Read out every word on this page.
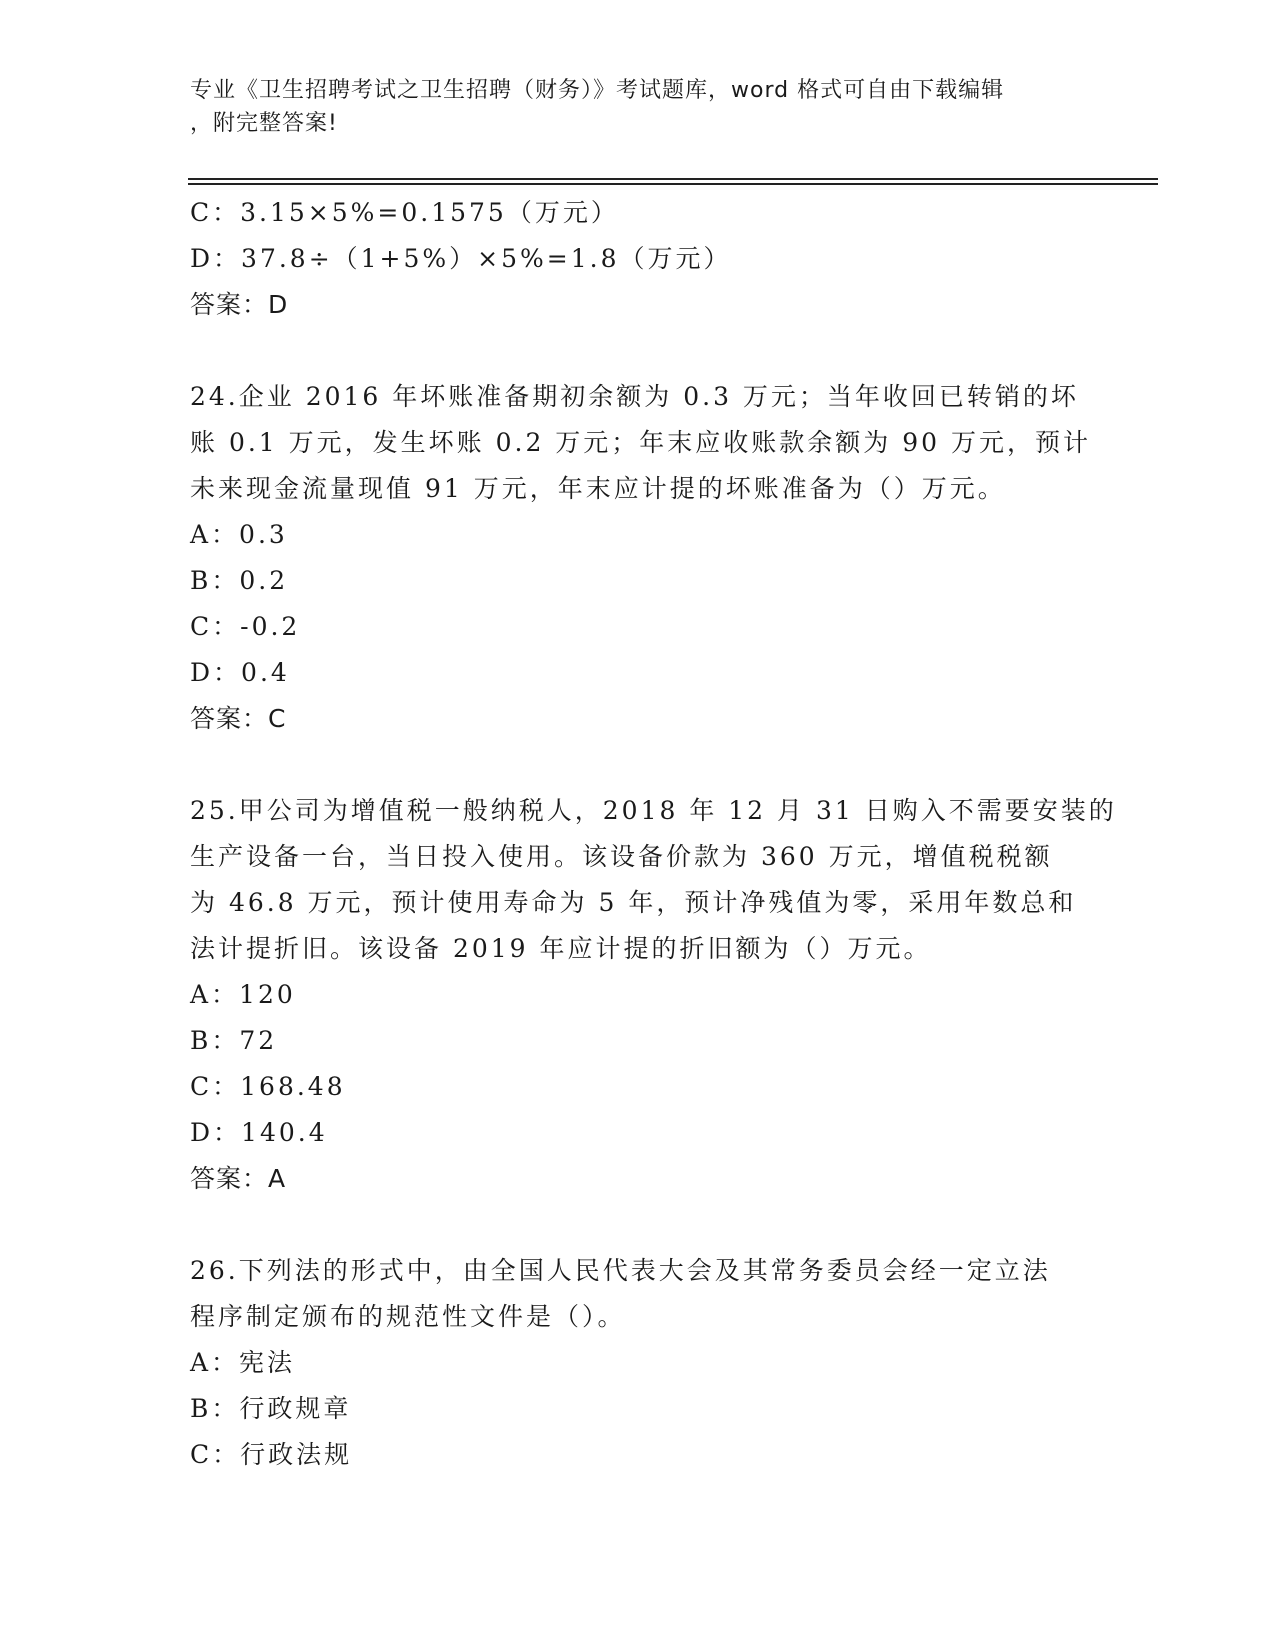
专业《卫生招聘考试之卫生招聘（财务）》考试题库，word 格式可自由下载编辑
，附完整答案!
C：3.15×5%=0.1575（万元）
D：37.8÷（1+5%）×5%=1.8（万元）
答案：D
24.企业 2016 年坏账准备期初余额为 0.3 万元；当年收回已转销的坏
账 0.1 万元，发生坏账 0.2 万元；年末应收账款余额为 90 万元，预计
未来现金流量现值 91 万元，年末应计提的坏账准备为（）万元。
A：0.3
B：0.2
C：-0.2
D：0.4
答案：C
25.甲公司为增值税一般纳税人，2018 年 12 月 31 日购入不需要安装的
生产设备一台，当日投入使用。该设备价款为 360 万元，增值税税额
为 46.8 万元，预计使用寿命为 5 年，预计净残值为零，采用年数总和
法计提折旧。该设备 2019 年应计提的折旧额为（）万元。
A：120
B：72
C：168.48
D：140.4
答案：A
26.下列法的形式中，由全国人民代表大会及其常务委员会经一定立法
程序制定颁布的规范性文件是（）。
A：宪法
B：行政规章
C：行政法规
